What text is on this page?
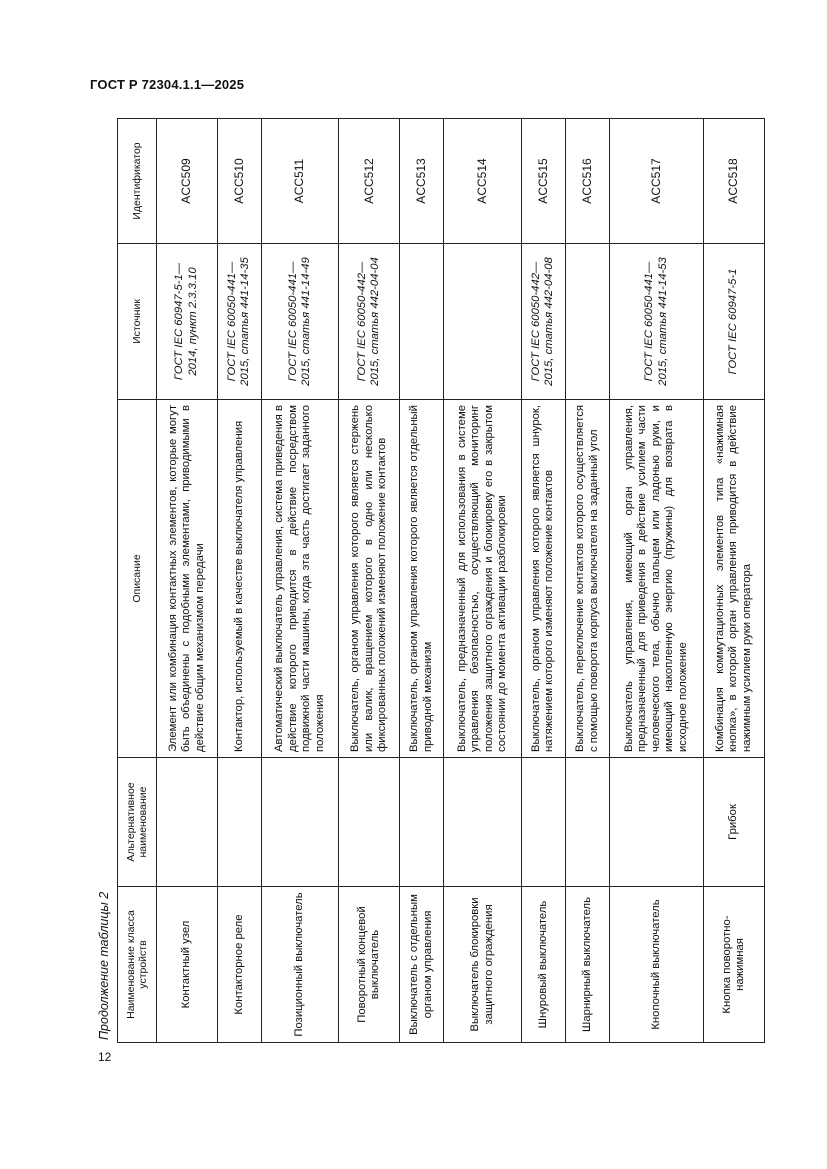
ГОСТ Р 72304.1.1—2025
12
Продолжение таблицы 2 Наименование класса устройств	Альтернативное наименование	Описание	Источник	Идентификатор
Контактный узел		Элемент или комбинация контактных элементов, которые могут быть объединены с подобными элементами, приводимыми в действие общим механизмом передачи	ГОСТ IEC 60947-5-1—2014, пункт 2.3.3.10	ACC509
Контакторное реле		Контактор, используемый в качестве выключателя управления	ГОСТ IEC 60050-441—2015, статья 441-14-35	ACC510
Позиционный выключатель		Автоматический выключатель управления, система приведения в действие которого приводится в действие посредством подвижной части машины, когда эта часть достигает заданного положения	ГОСТ IEC 60050-441—2015, статья 441-14-49	ACC511
Поворотный концевой выключатель		Выключатель, органом управления которого является стержень или валик, вращением которого в одно или несколько фиксированных положений изменяют положение контактов	ГОСТ IEC 60050-442—2015, статья 442-04-04	ACC512
Выключатель с отдельным органом управления		Выключатель, органом управления которого является отдельный приводной механизм		ACC513
Выключатель блокировки защитного ограждения		Выключатель, предназначенный для использования в системе управления безопасностью, осуществляющий мониторинг положения защитного ограждения и блокировку его в закрытом состоянии до момента активации разблокировки		ACC514
Шнуровый выключатель		Выключатель, органом управления которого является шнурок, натяжением которого изменяют положение контактов	ГОСТ IEC 60050-442—2015, статья 442-04-08	ACC515
Шарнирный выключатель		Выключатель, переключение контактов которого осуществляется с помощью поворота корпуса выключателя на заданный угол		ACC516
Кнопочный выключатель		Выключатель управления, имеющий орган управления, предназначенный для приведения в действие усилием части человеческого тела, обычно пальцем или ладонью руки, и имеющий накопленную энергию (пружины) для возврата в исходное положение	ГОСТ IEC 60050-441—2015, статья 441-14-53	ACC517
Кнопка поворотно-нажимная	Грибок	Комбинация коммутационных элементов типа «нажимная кнопка», в которой орган управления приводится в действие нажимным усилием руки оператора	ГОСТ IEC 60947-5-1	ACC518
